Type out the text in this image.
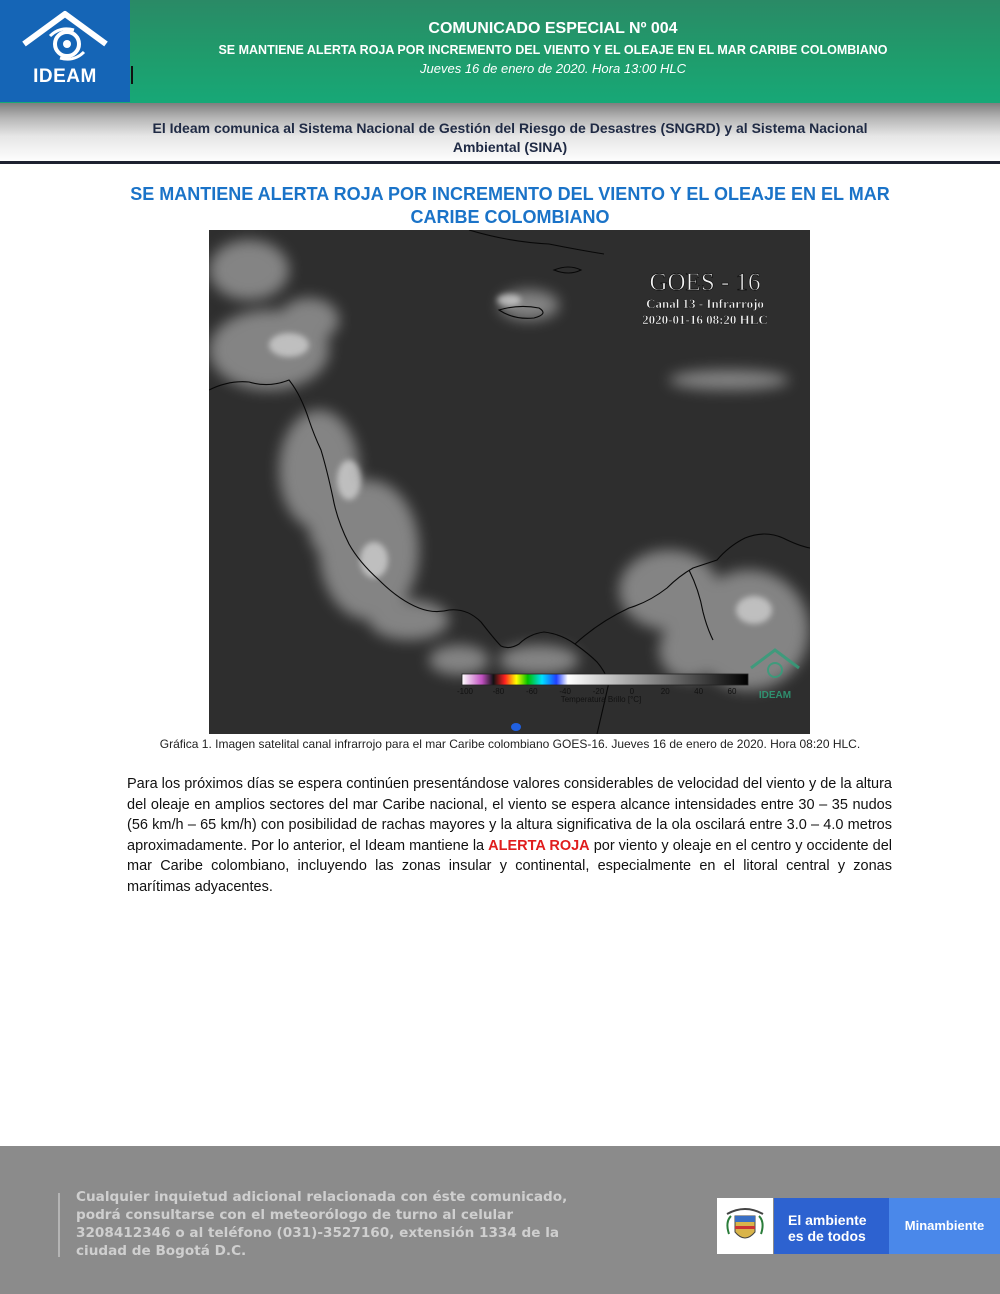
IDEAM
COMUNICADO ESPECIAL Nº 004
SE MANTIENE ALERTA ROJA POR INCREMENTO DEL VIENTO Y EL OLEAJE EN EL MAR CARIBE COLOMBIANO
Jueves 16 de enero de 2020. Hora 13:00 HLC
El Ideam comunica al Sistema Nacional de Gestión del Riesgo de Desastres (SNGRD) y al Sistema Nacional Ambiental (SINA)
SE MANTIENE ALERTA ROJA POR INCREMENTO DEL VIENTO Y EL OLEAJE EN EL MAR CARIBE COLOMBIANO
GOES - 16
Canal 13 - Infrarrojo
2020-01-16 08:20 HLC
-100 -80	-60	-40	-20	0	20	40	60
Temperatura Brillo [°C]	IDEAM
Gráfica 1. Imagen satelital canal infrarrojo para el mar Caribe colombiano GOES-16. Jueves 16 de enero de 2020. Hora 08:20 HLC.
Para los próximos días se espera continúen presentándose valores considerables de velocidad del viento y de la altura del oleaje en amplios sectores del mar Caribe nacional, el viento se espera alcance intensidades entre 30 – 35 nudos (56 km/h – 65 km/h) con posibilidad de rachas mayores y la altura significativa de la ola oscilará entre 3.0 – 4.0 metros aproximadamente. Por lo anterior, el Ideam mantiene la ALERTA ROJA por viento y oleaje en el centro y occidente del mar Caribe colombiano, incluyendo las zonas insular y continental, especialmente en el litoral central y zonas marítimas adyacentes.
Cualquier inquietud adicional relacionada con éste comunicado, podrá consultarse con el meteorólogo de turno al celular 3208412346 o al teléfono (031)-3527160, extensión 1334 de la ciudad de Bogotá D.C.
El ambiente
es de todos
Minambiente
